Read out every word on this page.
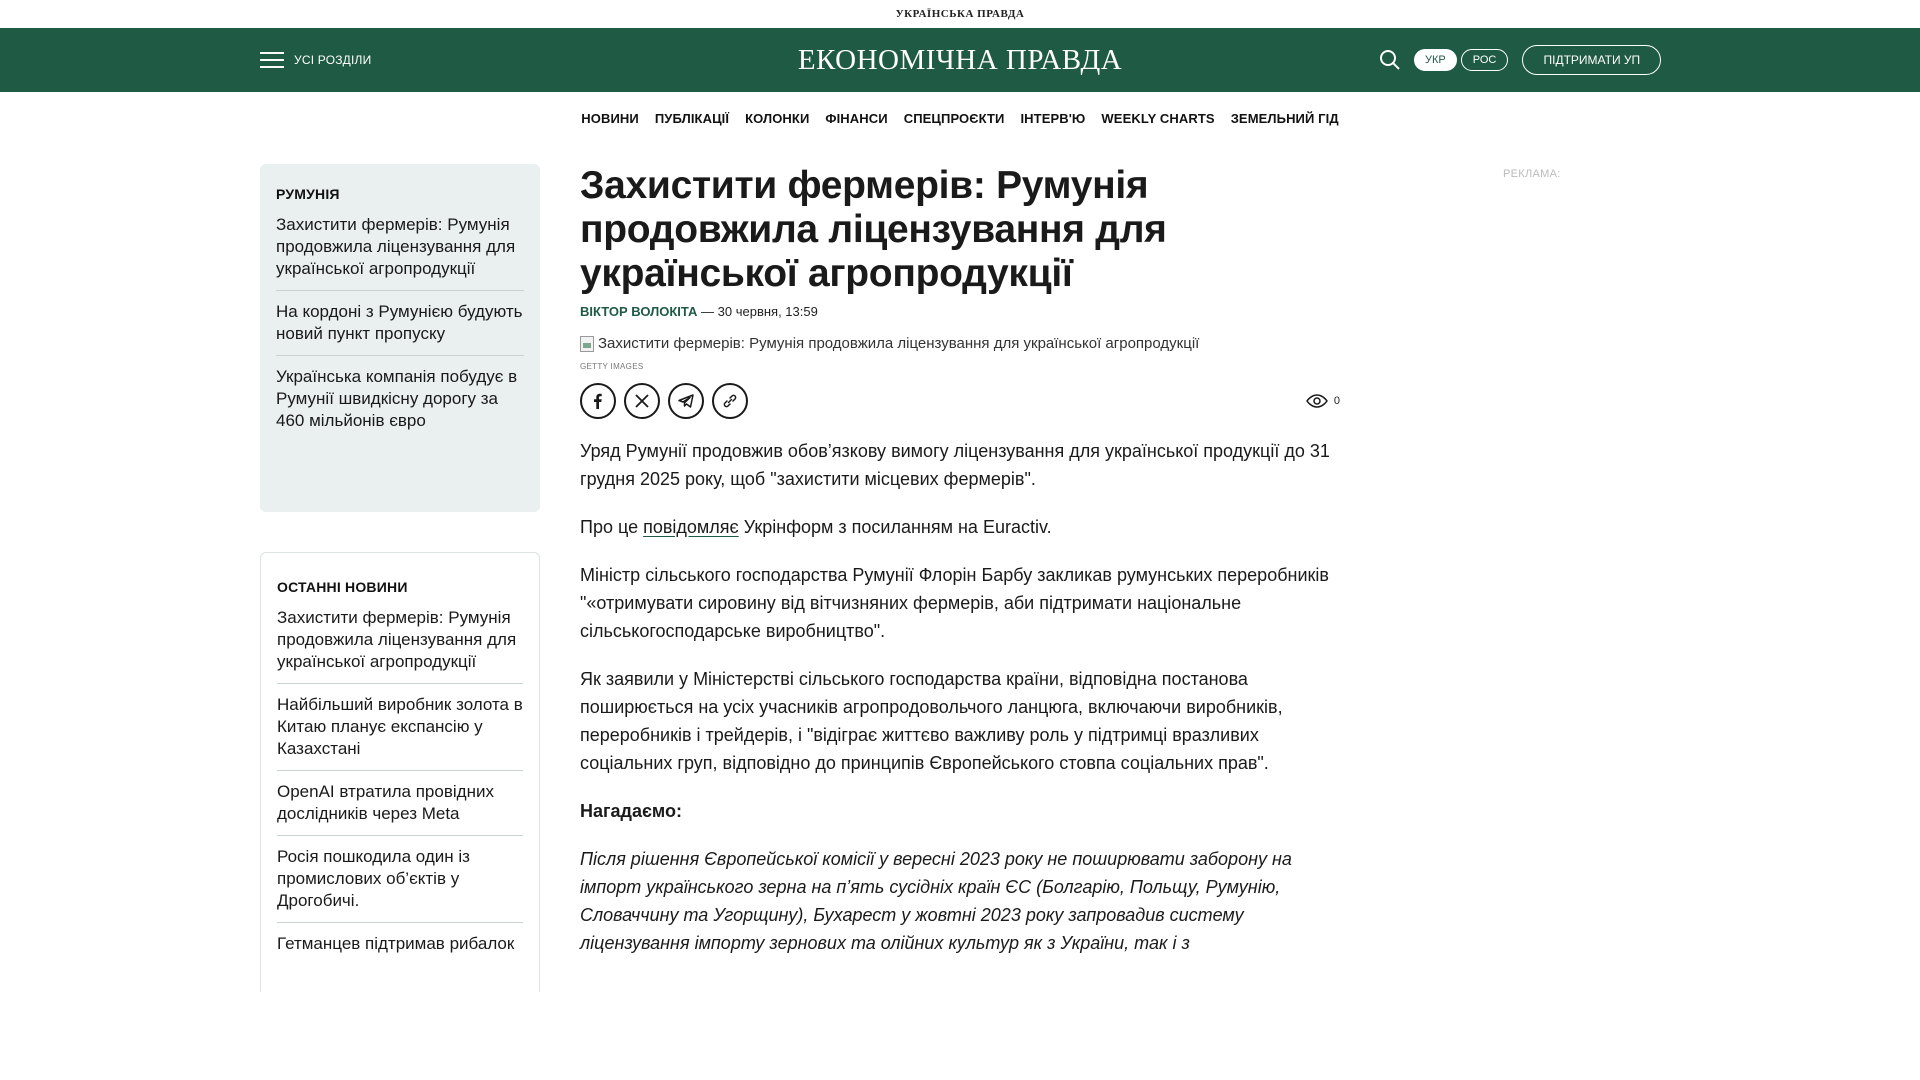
УКРАЇНСЬКА ПРАВДА
УСІ РОЗДІЛИ	ЕКОНОМІЧНА ПРАВДА	УКР	РОС	ПІДТРИМАТИ УП
НОВИНИ ПУБЛІКАЦІЇ КОЛОНКИ ФІНАНСИ СПЕЦПРОЄКТИ ІНТЕРВ'Ю WEEKLY CHARTS ЗЕМЕЛЬНИЙ ГІД
РУМУНІЯ
Захистити фермерів: Румунія продовжила ліцензування для української агропродукції
На кордоні з Румунією будують новий пункт пропуску
Українська компанія побудує в Румунії швидкісну дорогу за 460 мільйонів євро
ОСТАННІ НОВИНИ
Захистити фермерів: Румунія продовжила ліцензування для української агропродукції
Найбільший виробник золота в Китаю планує експансію у Казахстані
OpenAI втратила провідних дослідників через Meta
Росія пошкодила один із промислових об’єктів у Дрогобичі.
Гетманцев підтримав рибалок
Захистити фермерів: Румунія продовжила ліцензування для української агропродукції
ВІКТОР ВОЛОКІТА — 30 червня, 13:59
Захистити фермерів: Румунія продовжила ліцензування для української агропродукції
GETTY IMAGES
0

Уряд Румунії продовжив обов’язкову вимогу ліцензування для української продукції до 31 грудня 2025 року, щоб "захистити місцевих фермерів".

Про це повідомляє Укрінформ з посиланням на Euractiv.

Міністр сільського господарства Румунії Флорін Барбу закликав румунських переробників "«отримувати сировину від вітчизняних фермерів, аби підтримати національне сільськогосподарське виробництво".

Як заявили у Міністерстві сільського господарства країни, відповідна постанова поширюється на усіх учасників агропродовольчого ланцюга, включаючи виробників, переробників і трейдерів, і "відіграє життєво важливу роль у підтримці вразливих соціальних груп, відповідно до принципів Європейського стовпа соціальних прав".

Нагадаємо:

Після рішення Європейської комісії у вересні 2023 року не поширювати заборону на імпорт українського зерна на п’ять сусідніх країн ЄС (Болгарію, Польщу, Румунію, Словаччину та Угорщину), Бухарест у жовтні 2023 року запровадив систему ліцензування імпорту зернових та олійних культур як з України, так і з

РЕКЛАМА:
